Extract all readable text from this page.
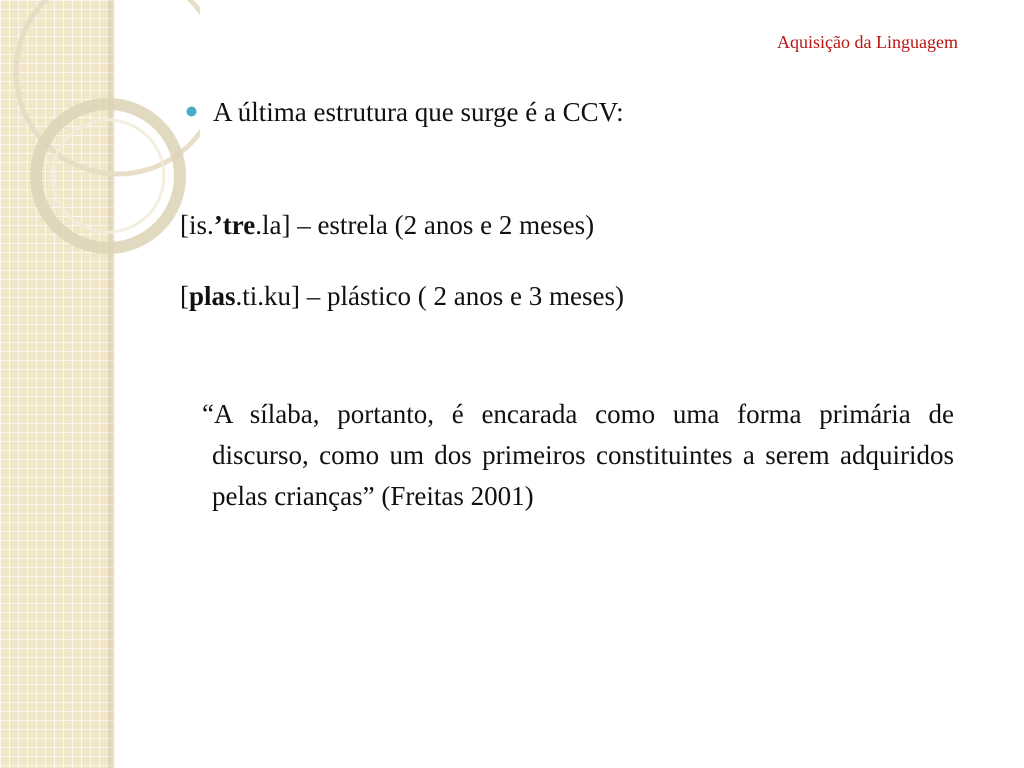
Aquisição da Linguagem
A última estrutura que surge é a CCV:
[is.’tre.la] – estrela (2 anos e 2 meses)
[plas.ti.ku] – plástico ( 2 anos e 3 meses)

“A sílaba, portanto, é encarada como uma forma primária de discurso, como um dos primeiros constituintes a serem adquiridos pelas crianças” (Freitas 2001)
